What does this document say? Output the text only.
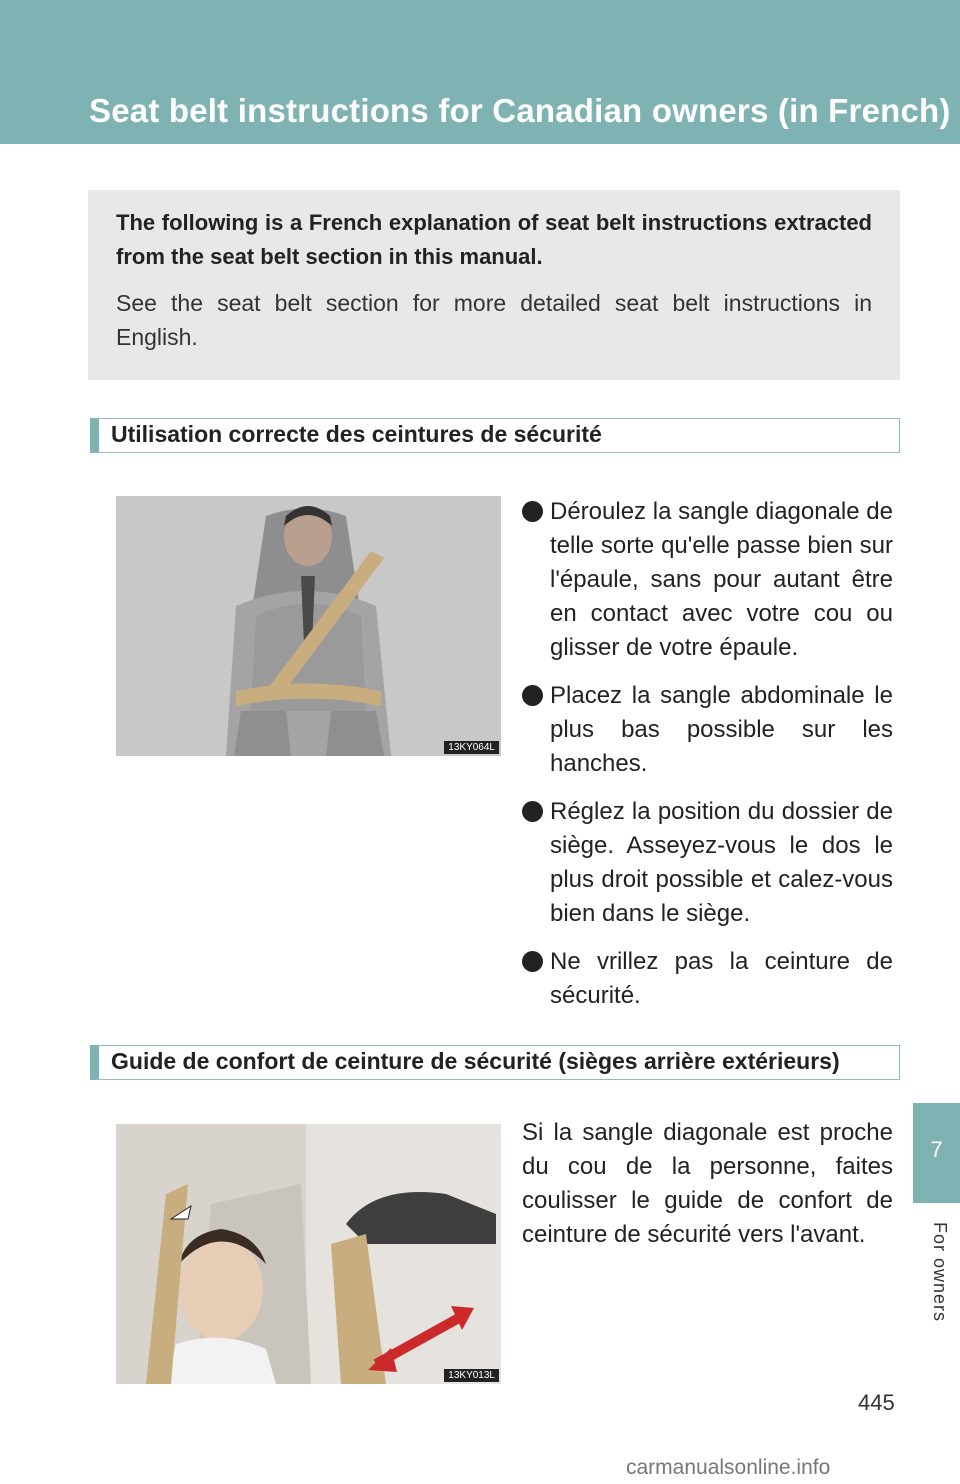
Seat belt instructions for Canadian owners (in French)

The following is a French explanation of seat belt instructions extracted from the seat belt section in this manual.

See the seat belt section for more detailed seat belt instructions in English.

Utilisation correcte des ceintures de sécurité
13KY064L
Déroulez la sangle diagonale de telle sorte qu'elle passe bien sur l'épaule, sans pour autant être en contact avec votre cou ou glisser de votre épaule.
Placez la sangle abdominale le plus bas possible sur les hanches.
Réglez la position du dossier de siège. Asseyez-vous le dos le plus droit possible et calez-vous bien dans le siège.
Ne vrillez pas la ceinture de sécurité.
Guide de confort de ceinture de sécurité (sièges arrière extérieurs)
13KY013L

Si la sangle diagonale est proche du cou de la personne, faites coulisser le guide de confort de ceinture de sécurité vers l'avant.

7
For owners
445
carmanualsonline.info
